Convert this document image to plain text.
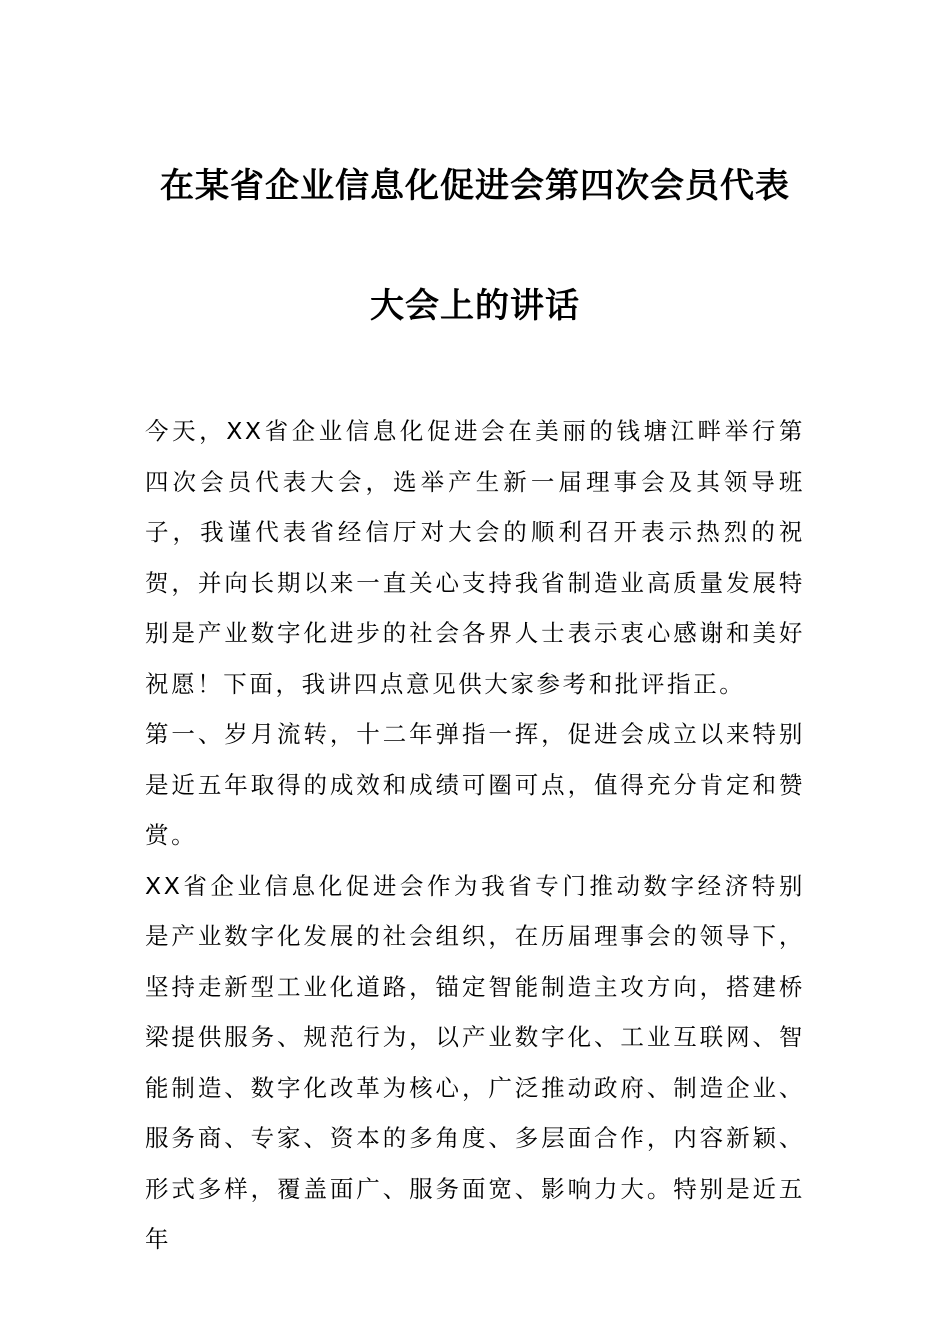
在某省企业信息化促进会第四次会员代表
大会上的讲话

今天，XX省企业信息化促进会在美丽的钱塘江畔举行第四次会员代表大会，选举产生新一届理事会及其领导班子，我谨代表省经信厅对大会的顺利召开表示热烈的祝贺，并向长期以来一直关心支持我省制造业高质量发展特别是产业数字化进步的社会各界人士表示衷心感谢和美好祝愿！下面，我讲四点意见供大家参考和批评指正。

第一、岁月流转，十二年弹指一挥，促进会成立以来特别是近五年取得的成效和成绩可圈可点，值得充分肯定和赞赏。

XX省企业信息化促进会作为我省专门推动数字经济特别是产业数字化发展的社会组织，在历届理事会的领导下，坚持走新型工业化道路，锚定智能制造主攻方向，搭建桥梁提供服务、规范行为，以产业数字化、工业互联网、智能制造、数字化改革为核心，广泛推动政府、制造企业、服务商、专家、资本的多角度、多层面合作，内容新颖、形式多样，覆盖面广、服务面宽、影响力大。特别是近五年
